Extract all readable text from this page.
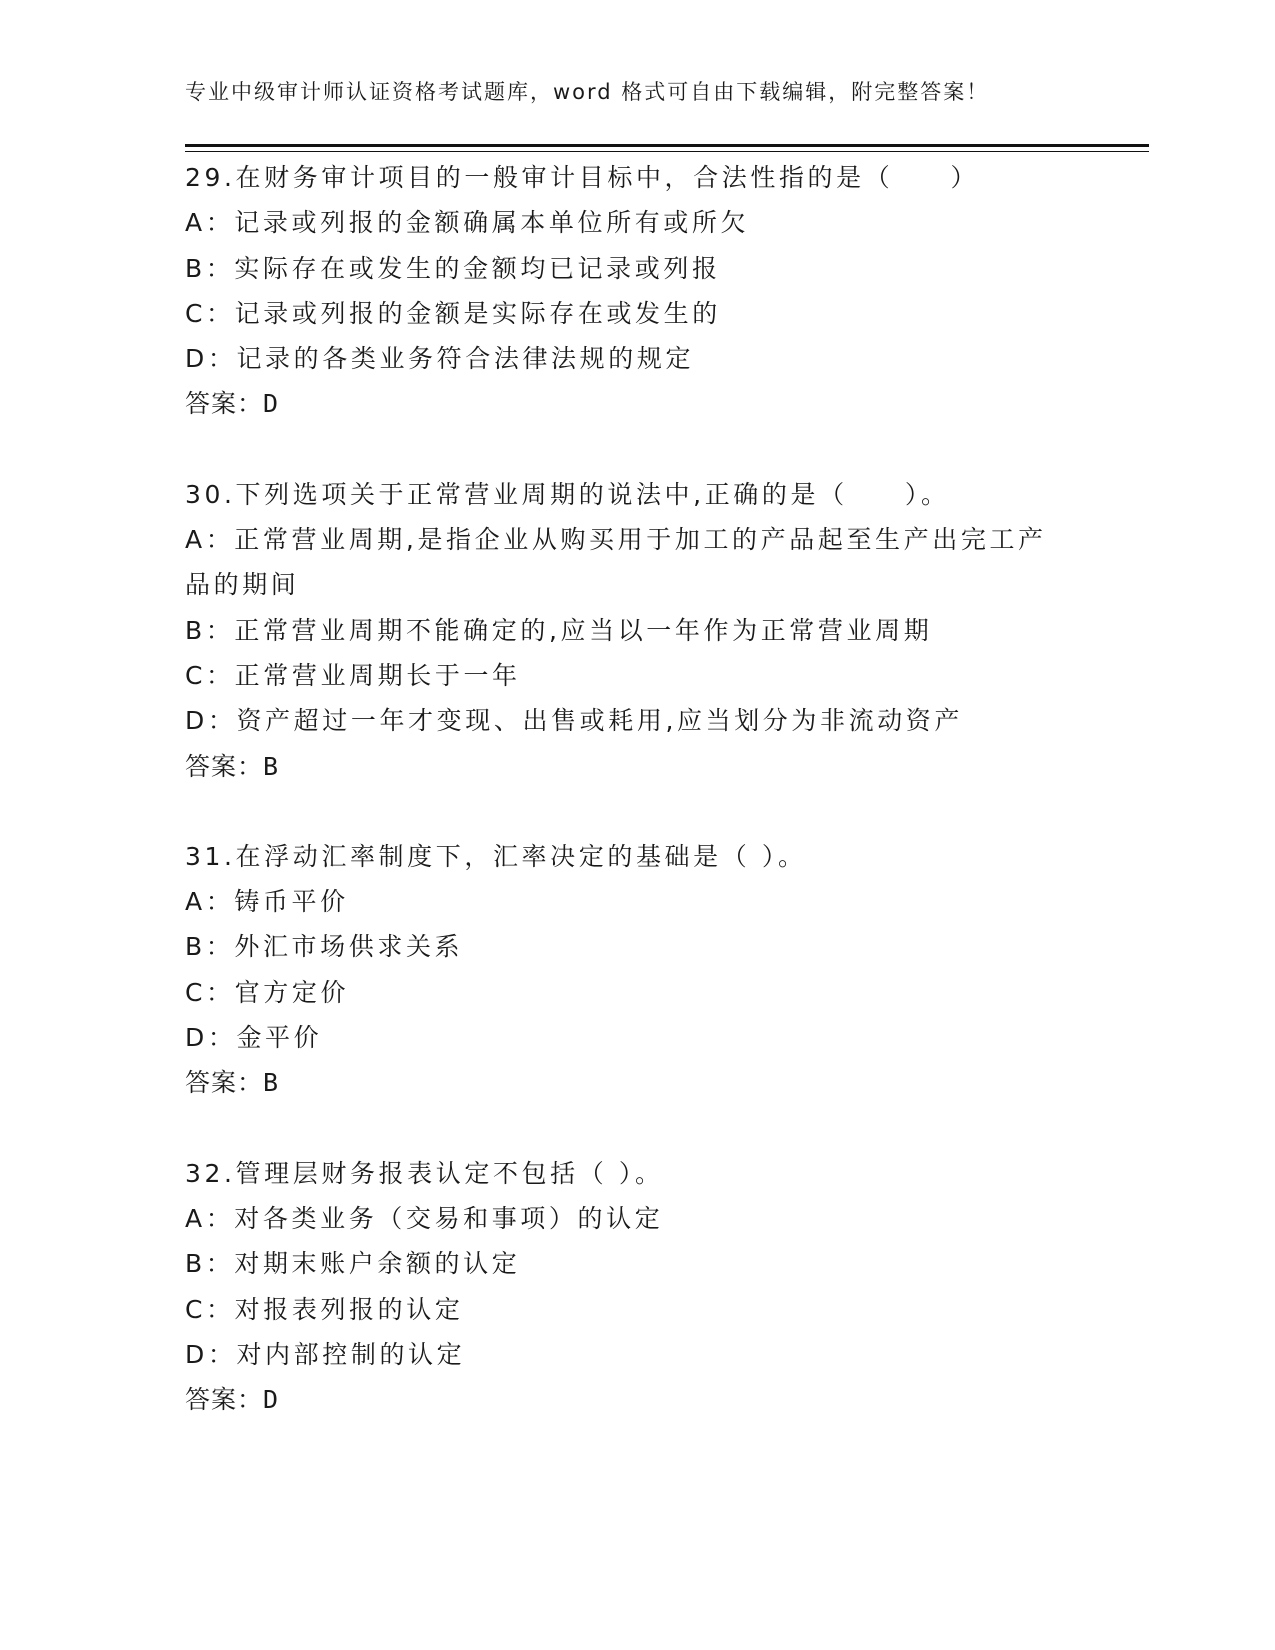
专业中级审计师认证资格考试题库，word 格式可自由下载编辑，附完整答案！
29.在财务审计项目的一般审计目标中，合法性指的是（　　）
A：记录或列报的金额确属本单位所有或所欠
B：实际存在或发生的金额均已记录或列报
C：记录或列报的金额是实际存在或发生的
D：记录的各类业务符合法律法规的规定
答案：D
30.下列选项关于正常营业周期的说法中,正确的是（　　）。
A：正常营业周期,是指企业从购买用于加工的产品起至生产出完工产品的期间
B：正常营业周期不能确定的,应当以一年作为正常营业周期
C：正常营业周期长于一年
D：资产超过一年才变现、出售或耗用,应当划分为非流动资产
答案：B
31.在浮动汇率制度下，汇率决定的基础是（ ）。
A：铸币平价
B：外汇市场供求关系
C：官方定价
D：金平价
答案：B
32.管理层财务报表认定不包括（ ）。
A：对各类业务（交易和事项）的认定
B：对期末账户余额的认定
C：对报表列报的认定
D：对内部控制的认定
答案：D
